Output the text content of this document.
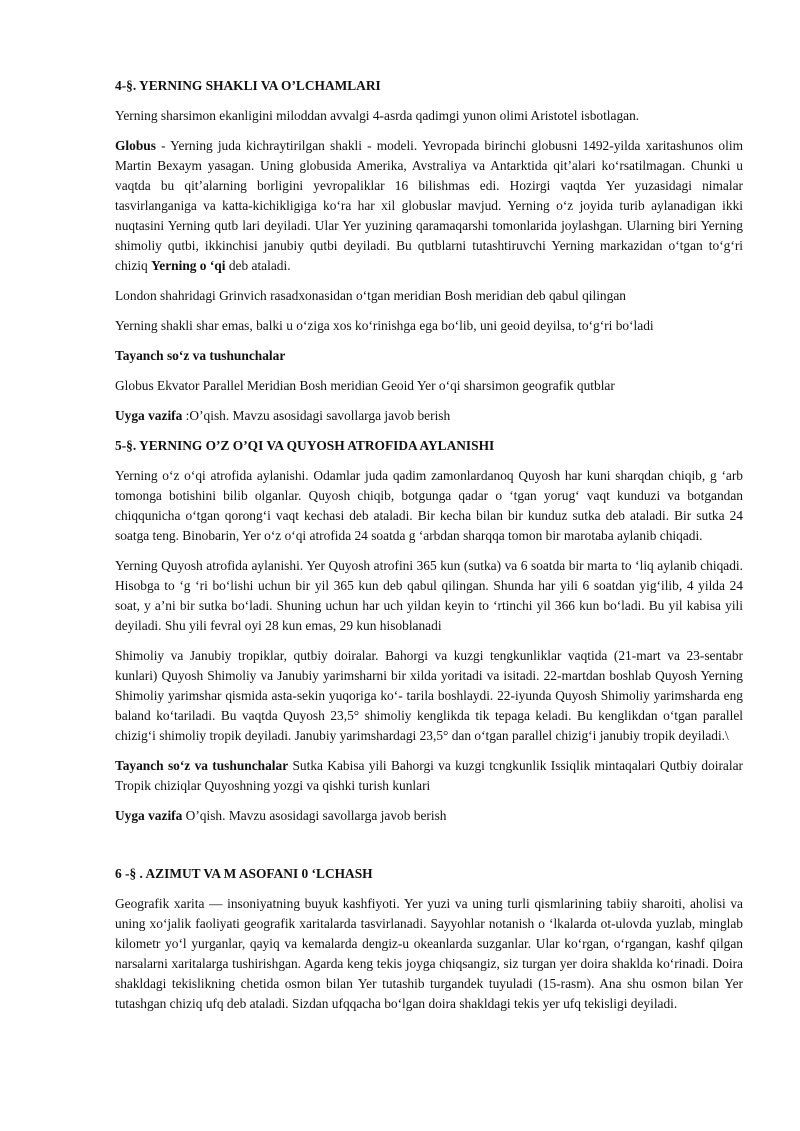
4-§. YERNING SHAKLI VA O’LCHAMLARI

Yerning sharsimon ekanligini miloddan avvalgi 4-asrda qadimgi yunon olimi Aristotel isbotlagan.

Globus - Yerning juda kichraytirilgan shakli - modeli. Yevropada birinchi globusni 1492-yilda xaritashunos olim Martin Bexaym yasagan. Uning globusida Amerika, Avstraliya va Antarktida qit’alari koʻrsatilmagan. Chunki u vaqtda bu qit’alarning borligini yevropaliklar 16 bilishmas edi. Hozirgi vaqtda Yer yuzasidagi nimalar tasvirlanganiga va katta-kichikligiga koʻra har xil globuslar mavjud. Yerning oʻz joyida turib aylanadigan ikki nuqtasini Yerning qutb lari deyiladi. Ular Yer yuzining qaramaqarshi tomonlarida joylashgan. Ularning biri Yerning shimoliy qutbi, ikkinchisi janubiy qutbi deyiladi. Bu qutblarni tutashtiruvchi Yerning markazidan oʻtgan toʻgʻri chiziq Yerning o ‘qi deb ataladi.

London shahridagi Grinvich rasadxonasidan oʻtgan meridian Bosh meridian deb qabul qilingan

Yerning shakli shar emas, balki u oʻziga xos koʻrinishga ega boʻlib, uni geoid deyilsa, toʻgʻri boʻladi

Tayanch soʻz va tushunchalar

Globus Ekvator Parallel Meridian Bosh meridian Geoid Yer oʻqi sharsimon geografik qutblar

Uyga vazifa :O’qish. Mavzu asosidagi savollarga javob berish

5-§. YERNING O’Z O’QI VA QUYOSH ATROFIDA AYLANISHI

Yerning oʻz oʻqi atrofida aylanishi. Odamlar juda qadim zamonlardanoq Quyosh har kuni sharqdan chiqib, g ‘arb tomonga botishini bilib olganlar. Quyosh chiqib, botgunga qadar o ‘tgan yorug‘ vaqt kunduzi va botgandan chiqqunicha oʻtgan qorongʻi vaqt kechasi deb ataladi. Bir kecha bilan bir kunduz sutka deb ataladi. Bir sutka 24 soatga teng. Binobarin, Yer oʻz oʻqi atrofida 24 soatda g ‘arbdan sharqqa tomon bir marotaba aylanib chiqadi.

Yerning Quyosh atrofida aylanishi. Yer Quyosh atrofini 365 kun (sutka) va 6 soatda bir marta to ‘liq aylanib chiqadi. Hisobga to ‘g ‘ri boʻlishi uchun bir yil 365 kun deb qabul qilingan. Shunda har yili 6 soatdan yigʻilib, 4 yilda 24 soat, y a’ni bir sutka boʻladi. Shuning uchun har uch yildan keyin to ‘rtinchi yil 366 kun boʻladi. Bu yil kabisa yili deyiladi. Shu yili fevral oyi 28 kun emas, 29 kun hisoblanadi

Shimoliy va Janubiy tropiklar, qutbiy doiralar. Bahorgi va kuzgi tengkunliklar vaqtida (21-mart va 23-sentabr kunlari) Quyosh Shimoliy va Janubiy yarimsharni bir xilda yoritadi va isitadi. 22-martdan boshlab Quyosh Yerning Shimoliy yarimshar qismida asta-sekin yuqoriga koʻ- tarila boshlaydi. 22-iyunda Quyosh Shimoliy yarimsharda eng baland koʻtariladi. Bu vaqtda Quyosh 23,5° shimoliy kenglikda tik tepaga keladi. Bu kenglikdan oʻtgan parallel chizigʻi shimoliy tropik deyiladi. Janubiy yarimshardagi 23,5° dan oʻtgan parallel chizigʻi janubiy tropik deyiladi.\

Tayanch soʻz va tushunchalar Sutka Kabisa yili Bahorgi va kuzgi tcngkunlik Issiqlik mintaqalari Qutbiy doiralar Tropik chiziqlar Quyoshning yozgi va qishki turish kunlari

Uyga vazifa O’qish. Mavzu asosidagi savollarga javob berish

6 -§ . AZIMUT VA M ASOFANI 0 ‘LCHASH

Geografik xarita — insoniyatning buyuk kashfiyoti. Yer yuzi va uning turli qismlarining tabiiy sharoiti, aholisi va uning xoʻjalik faoliyati geografik xaritalarda tasvirlanadi. Sayyohlar notanish o ‘lkalarda ot-ulovda yuzlab, minglab kilometr yoʻl yurganlar, qayiq va kemalarda dengiz-u okeanlarda suzganlar. Ular koʻrgan, oʻrgangan, kashf qilgan narsalarni xaritalarga tushirishgan. Agarda keng tekis joyga chiqsangiz, siz turgan yer doira shaklda koʻrinadi. Doira shakldagi tekislikning chetida osmon bilan Yer tutashib turgandek tuyuladi (15-rasm). Ana shu osmon bilan Yer tutashgan chiziq ufq deb ataladi. Sizdan ufqqacha boʻlgan doira shakldagi tekis yer ufq tekisligi deyiladi.
